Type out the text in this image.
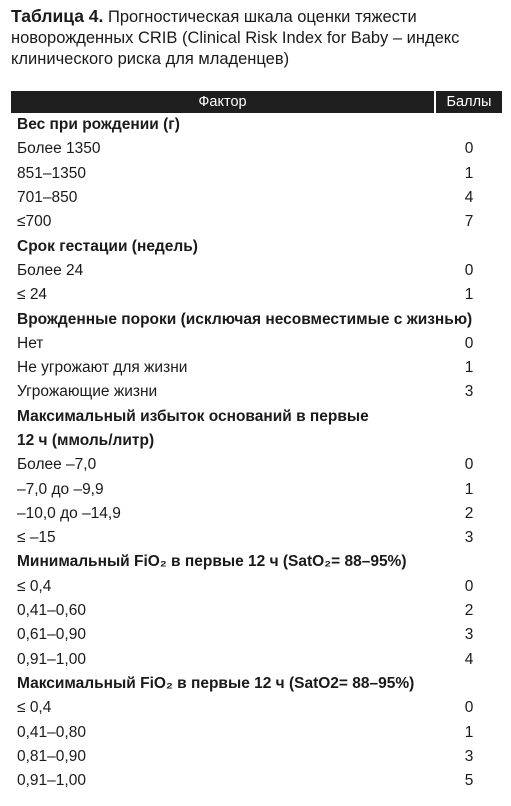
Таблица 4. Прогностическая шкала оценки тяжести новорожденных CRIB (Clinical Risk Index for Baby – индекс клинического риска для младенцев)
Фактор	Баллы
Вес при рождении (г)
Более 1350	0
851–1350	1
701–850	4
≤700	7
Срок гестации (недель)
Более 24	0
≤ 24	1
Врожденные пороки (исключая несовместимые с жизнью)
Нет	0
Не угрожают для жизни	1
Угрожающие жизни	3
Максимальный избыток оснований в первые 12 ч (ммоль/литр)
Более –7,0	0
–7,0 до –9,9	1
–10,0 до –14,9	2
≤ –15	3
Минимальный FiO₂ в первые 12 ч (SatO₂= 88–95%)
≤ 0,4	0
0,41–0,60	2
0,61–0,90	3
0,91–1,00	4
Максимальный FiO₂ в первые 12 ч (SatO2= 88–95%)
≤ 0,4	0
0,41–0,80	1
0,81–0,90	3
0,91–1,00	5
